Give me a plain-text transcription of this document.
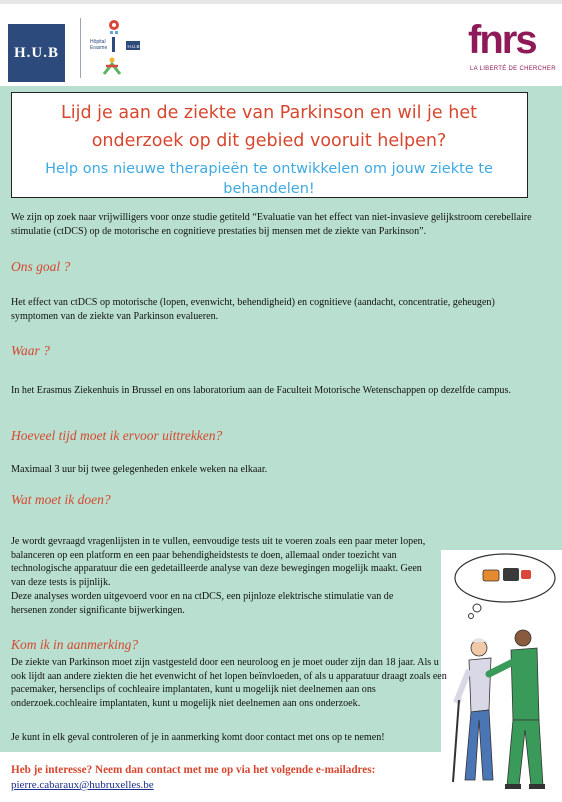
H.U.B
Hôpital
Erasme	H.U.B	fnrs
LA LIBERTÉ DE CHERCHER
Lijd je aan de ziekte van Parkinson en wil je het onderzoek op dit gebied vooruit helpen?
Help ons nieuwe therapieën te ontwikkelen om jouw ziekte te behandelen!

We zijn op zoek naar vrijwilligers voor onze studie getiteld “Evaluatie van het effect van niet-invasieve gelijkstroom cerebellaire stimulatie (ctDCS) op de motorische en cognitieve prestaties bij mensen met de ziekte van Parkinson”.

Ons goal ?

Het effect van ctDCS op motorische (lopen, evenwicht, behendigheid) en cognitieve (aandacht, concentratie, geheugen) symptomen van de ziekte van Parkinson evalueren.

Waar ?

In het Erasmus Ziekenhuis in Brussel en ons laboratorium aan de Faculteit Motorische Wetenschappen op dezelfde campus.

Hoeveel tijd moet ik ervoor uittrekken?

Maximaal 3 uur bij twee gelegenheden enkele weken na elkaar.

Wat moet ik doen?

Je wordt gevraagd vragenlijsten in te vullen, eenvoudige tests uit te voeren zoals een paar meter lopen, balanceren op een platform en een paar behendigheidstests te doen, allemaal onder toezicht van technologische apparatuur die een gedetailleerde analyse van deze bewegingen mogelijk maakt. Geen van deze tests is pijnlijk.

Deze analyses worden uitgevoerd voor en na ctDCS, een pijnloze elektrische stimulatie van de hersenen zonder significante bijwerkingen.

Kom ik in aanmerking?

De ziekte van Parkinson moet zijn vastgesteld door een neuroloog en je moet ouder zijn dan 18 jaar. Als u ook lijdt aan andere ziekten die het evenwicht of het lopen beïnvloeden, of als u apparatuur draagt zoals een pacemaker, hersenclips of cochleaire implantaten, kunt u mogelijk niet deelnemen aan ons onderzoek.cochleaire implantaten, kunt u mogelijk niet deelnemen aan ons onderzoek.

Je kunt in elk geval controleren of je in aanmerking komt door contact met ons op te nemen!

Heb je interesse? Neem dan contact met me op via het volgende e-mailadres:

pierre.cabaraux@hubruxelles.be
